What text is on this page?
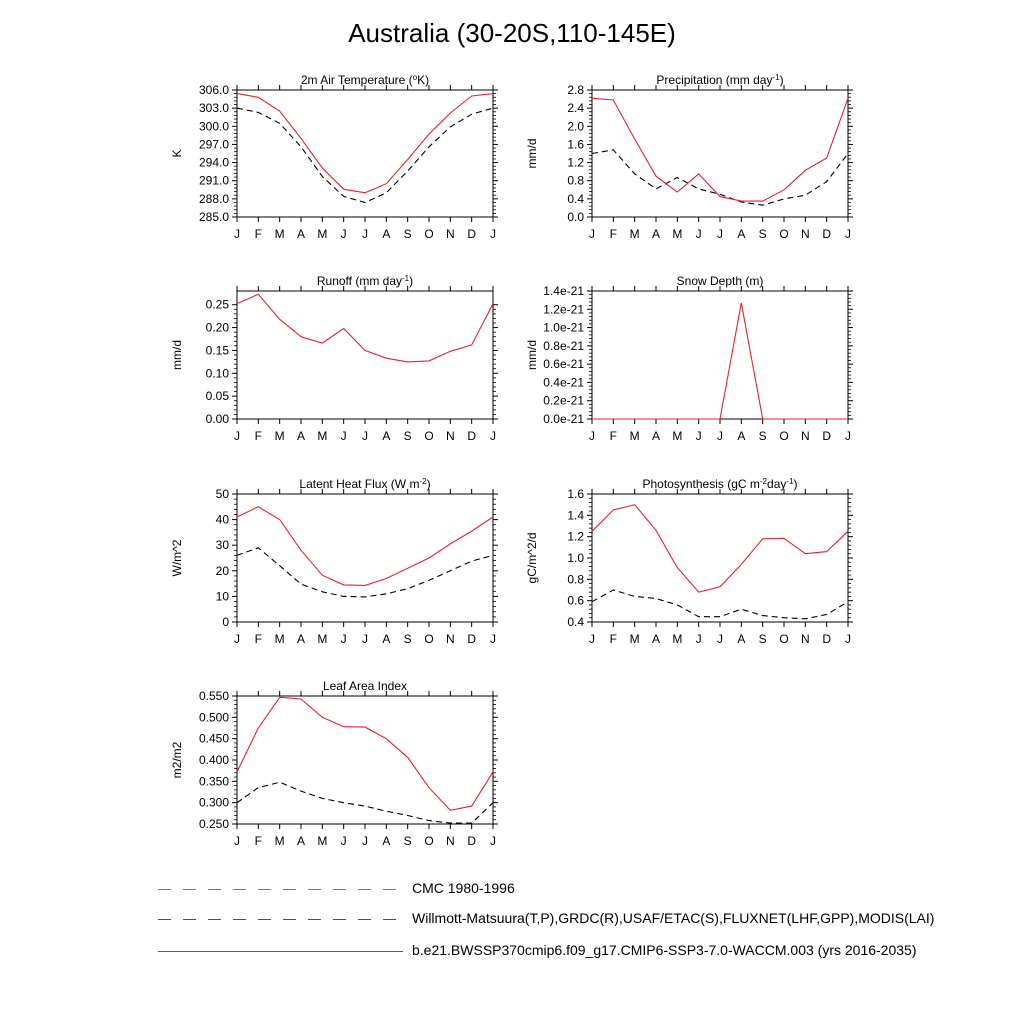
Australia (30-20S,110-145E)
2m Air Temperature ($^o$K)
K
285.0
288.0
291.0
294.0
297.0
300.0
303.0
306.0
J F M A M J J A S O N D J
Precipitation (mm day$^{-1}$)
mm/d
0.0
0.4
0.8
1.2
1.6
2.0
2.4
2.8
J F M A M J J A S O N D J
Runoff (mm day$^{-1}$)
mm/d
0.00
0.05
0.10
0.15
0.20
0.25
J F M A M J J A S O N D J
Snow Depth (m)
mm/d
0.0e-21
0.2e-21
0.4e-21
0.6e-21
0.8e-21
1.0e-21
1.2e-21
1.4e-21
J F M A M J J A S O N D J
Latent Heat Flux (W $m^{-2}$)
W/m^2
0
10
20
30
40
50
J F M A M J J A S O N D J
Photosynthesis (gC $m^{-2}day^{-1}$)
gC/m^2/d
0.4
0.6
0.8
1.0
1.2
1.4
1.6
J F M A M J J A S O N D J
Leaf Area Index
m2/m2
0.250
0.300
0.350
0.400
0.450
0.500
0.550
J F M A M J J A S O N D J
CMC 1980-1996
Willmott-Matsuura(T,P),GRDC(R),USAF/ETAC(S),FLUXNET(LHF,GPP),MODIS(LAI)
b.e21.BWSSP370cmip6.f09_g17.CMIP6-SSP3-7.0-WACCM.003 (yrs 2016-2035)
